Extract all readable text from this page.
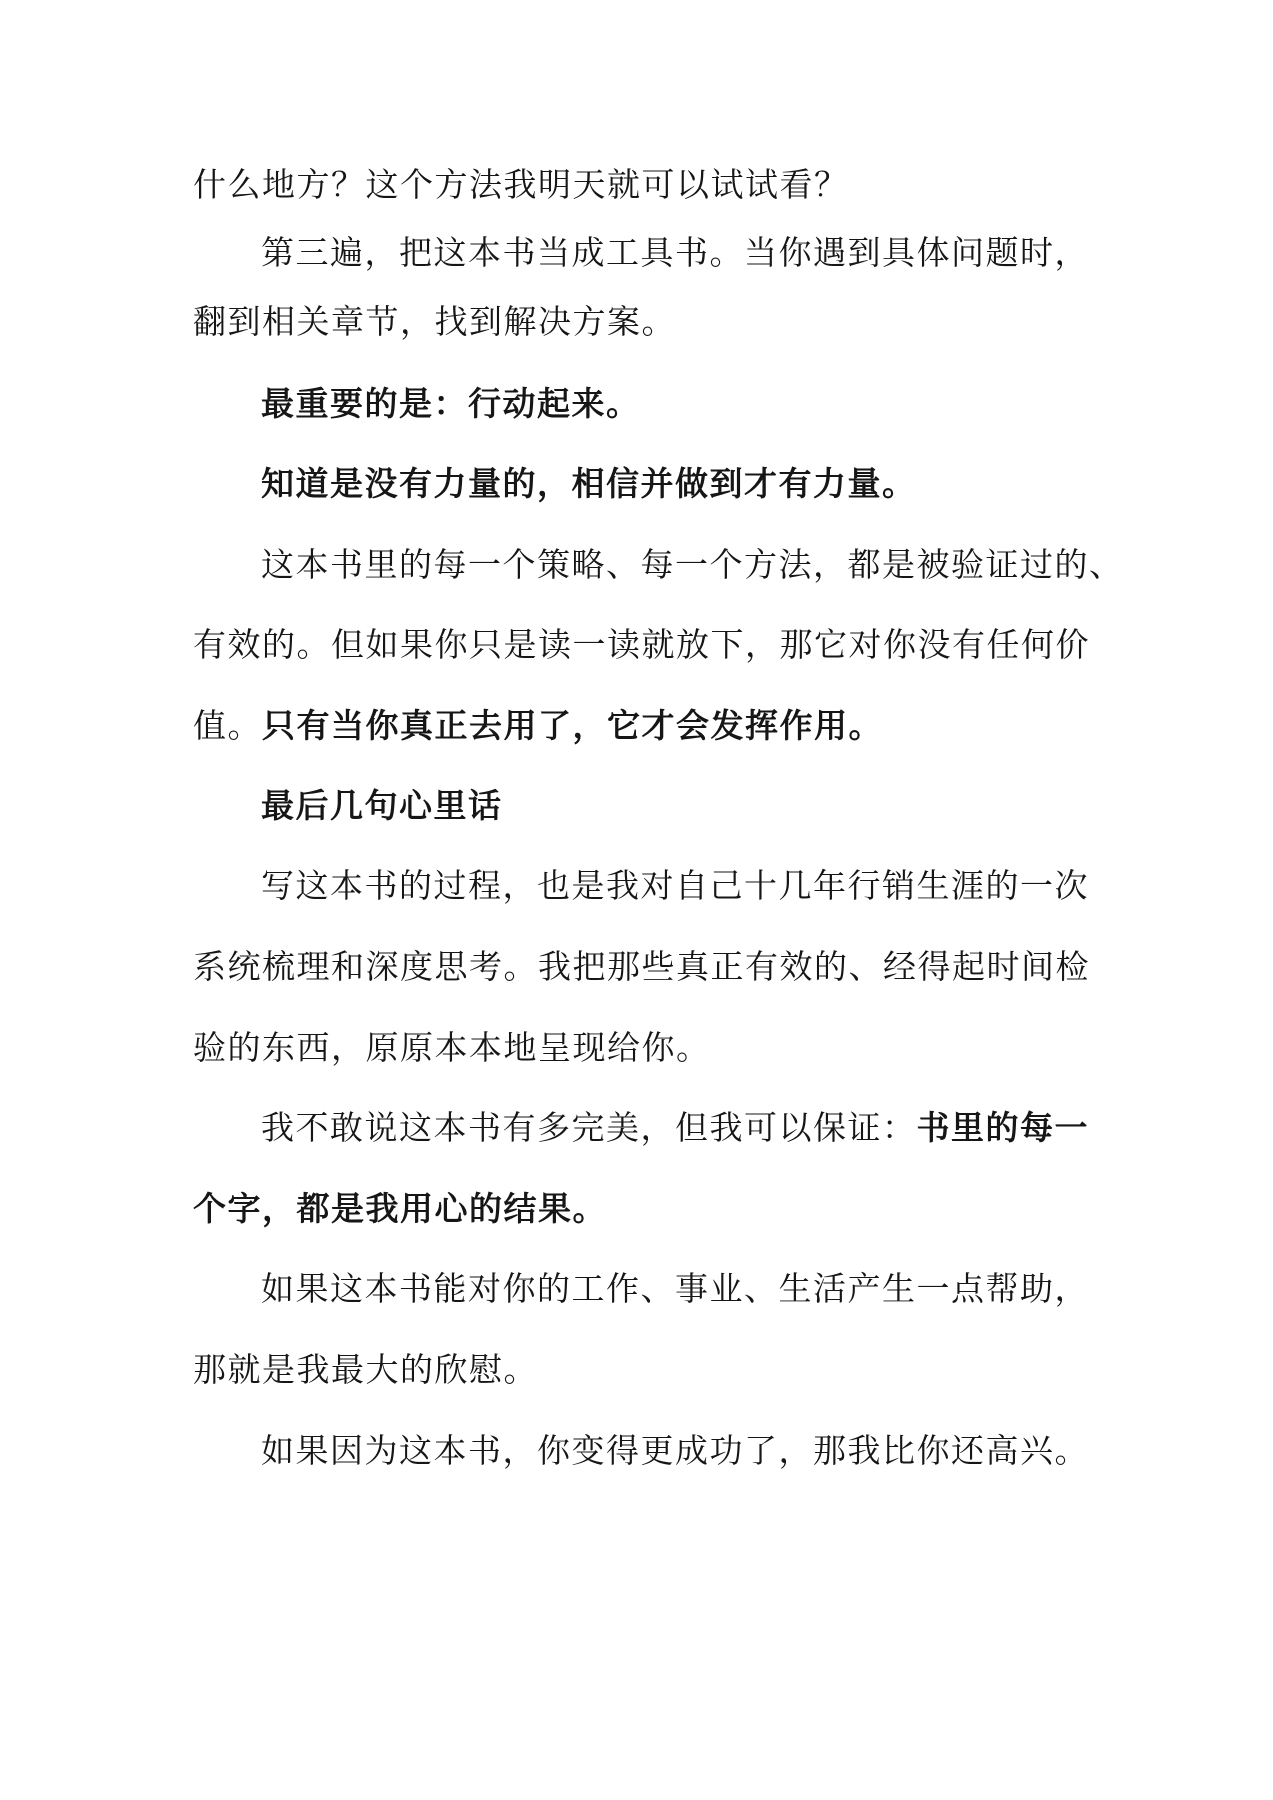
什么地方？这个方法我明天就可以试试看？

第三遍，把这本书当成工具书。当你遇到具体问题时，

翻到相关章节，找到解决方案。

最重要的是：行动起来。

知道是没有力量的，相信并做到才有力量。

这本书里的每一个策略、每一个方法，都是被验证过的、

有效的。但如果你只是读一读就放下，那它对你没有任何价

值。只有当你真正去用了，它才会发挥作用。

最后几句心里话

写这本书的过程，也是我对自己十几年行销生涯的一次

系统梳理和深度思考。我把那些真正有效的、经得起时间检

验的东西，原原本本地呈现给你。

我不敢说这本书有多完美，但我可以保证：书里的每一

个字，都是我用心的结果。

如果这本书能对你的工作、事业、生活产生一点帮助，

那就是我最大的欣慰。

如果因为这本书，你变得更成功了，那我比你还高兴。
